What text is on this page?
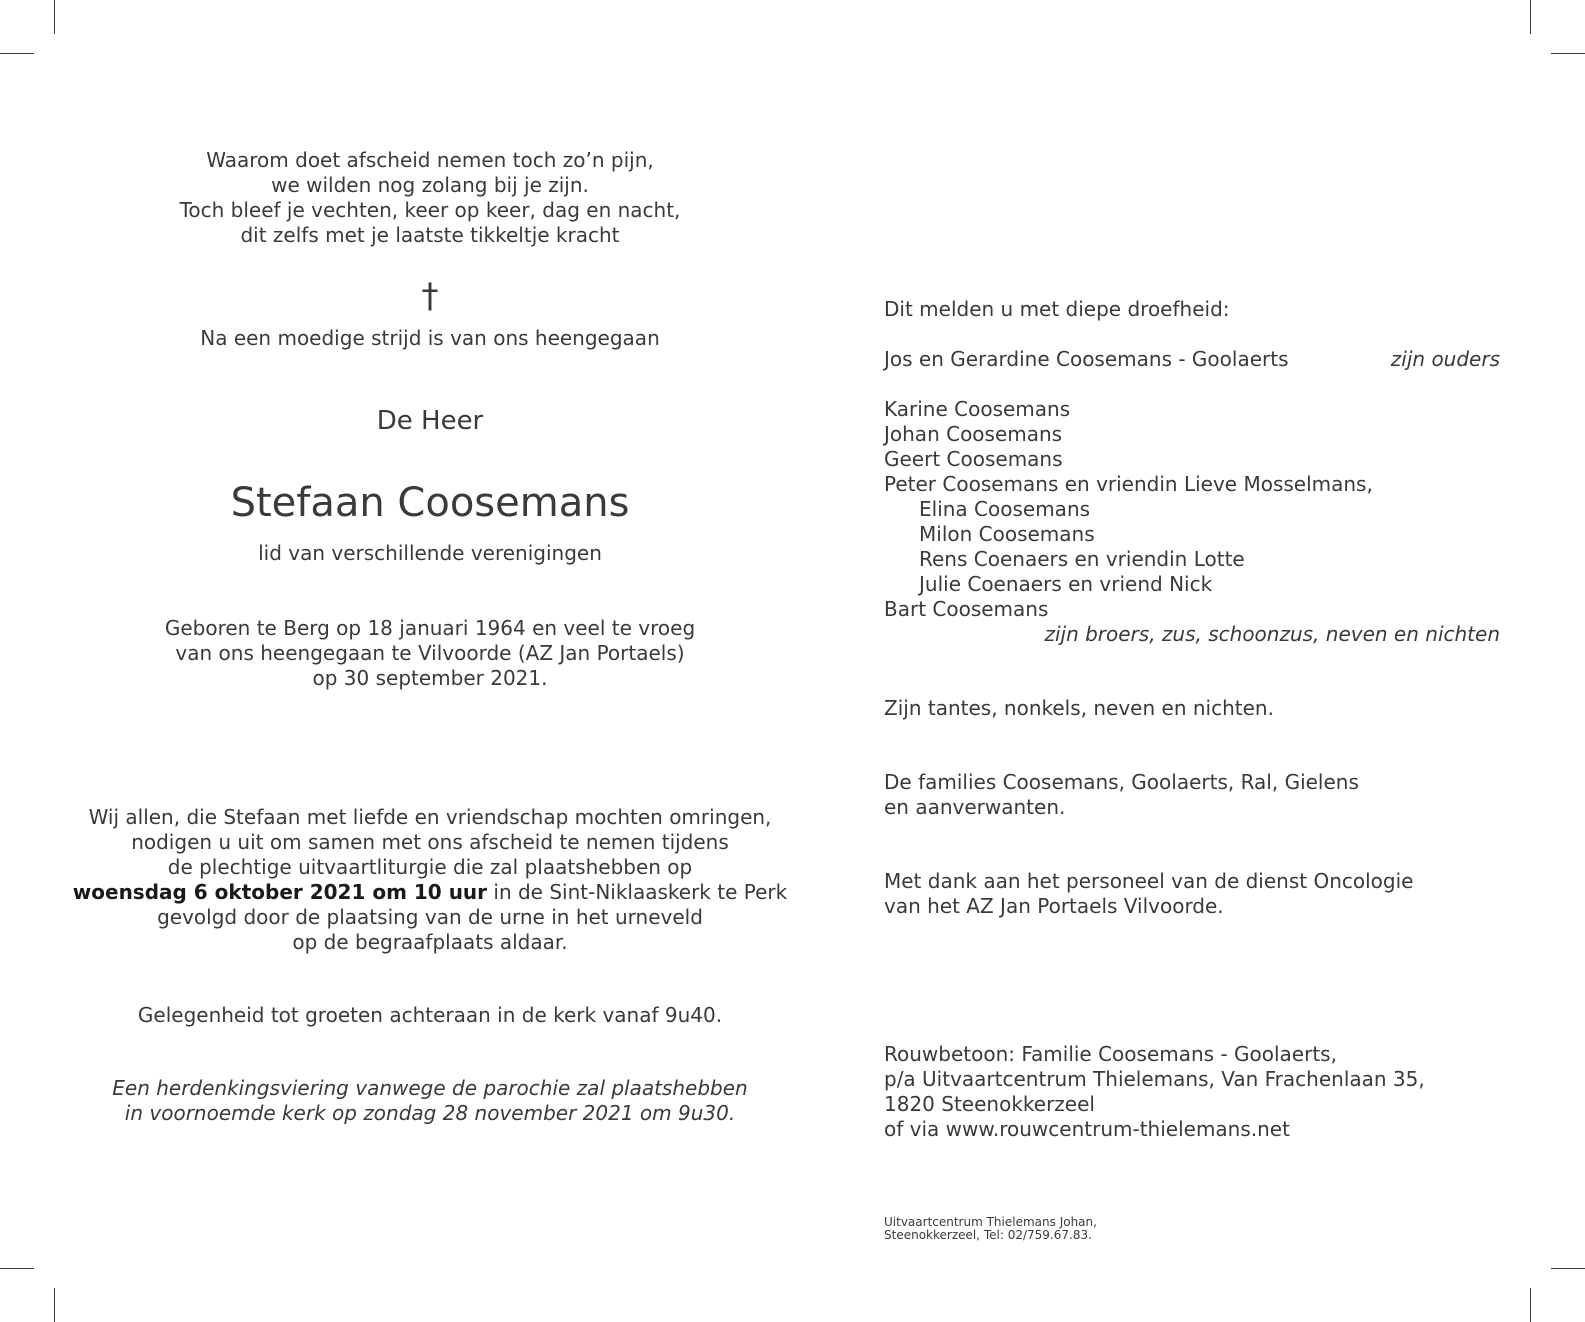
Waarom doet afscheid nemen toch zo’n pijn,
we wilden nog zolang bij je zijn.
Toch bleef je vechten, keer op keer, dag en nacht,
dit zelfs met je laatste tikkeltje kracht

†

Na een moedige strijd is van ons heengegaan

De Heer

Stefaan Coosemans

lid van verschillende verenigingen

Geboren te Berg op 18 januari 1964 en veel te vroeg
van ons heengegaan te Vilvoorde (AZ Jan Portaels)
op 30 september 2021.

Wij allen, die Stefaan met liefde en vriendschap mochten omringen,
nodigen u uit om samen met ons afscheid te nemen tijdens
de plechtige uitvaartliturgie die zal plaatshebben op
woensdag 6 oktober 2021 om 10 uur in de Sint-Niklaaskerk te Perk
gevolgd door de plaatsing van de urne in het urneveld
op de begraafplaats aldaar.

Gelegenheid tot groeten achteraan in de kerk vanaf 9u40.

Een herdenkingsviering vanwege de parochie zal plaatshebben
in voornoemde kerk op zondag 28 november 2021 om 9u30.

Dit melden u met diepe droefheid:

Jos en Gerardine Coosemans - Goolaerts	zijn ouders

Karine Coosemans

Johan Coosemans

Geert Coosemans

Peter Coosemans en vriendin Lieve Mosselmans,

Elina Coosemans

Milon Coosemans

Rens Coenaers en vriendin Lotte

Julie Coenaers en vriend Nick

Bart Coosemans

zijn broers, zus, schoonzus, neven en nichten

Zijn tantes, nonkels, neven en nichten.

De families Coosemans, Goolaerts, Ral, Gielens

en aanverwanten.

Met dank aan het personeel van de dienst Oncologie

van het AZ Jan Portaels Vilvoorde.

Rouwbetoon: Familie Coosemans - Goolaerts,

p/a Uitvaartcentrum Thielemans, Van Frachenlaan 35,

1820 Steenokkerzeel

of via www.rouwcentrum-thielemans.net

Uitvaartcentrum Thielemans Johan,

Steenokkerzeel, Tel: 02/759.67.83.
